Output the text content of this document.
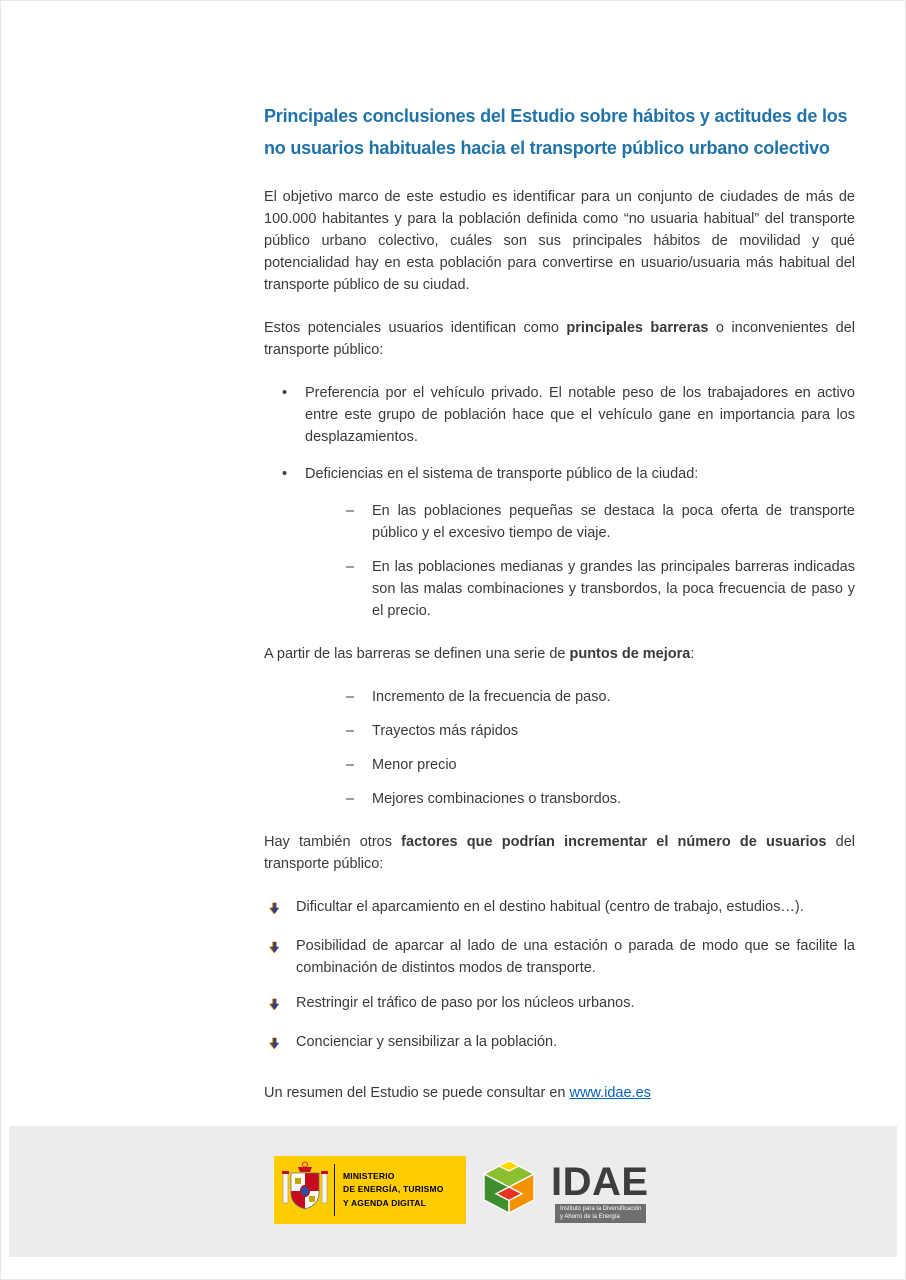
Principales conclusiones del Estudio sobre hábitos y actitudes de los no usuarios habituales hacia el transporte público urbano colectivo

El objetivo marco de este estudio es identificar para un conjunto de ciudades de más de 100.000 habitantes y para la población definida como “no usuaria habitual” del transporte público urbano colectivo, cuáles son sus principales hábitos de movilidad y qué potencialidad hay en esta población para convertirse en usuario/usuaria más habitual del transporte público de su ciudad.

Estos potenciales usuarios identifican como principales barreras o inconvenientes del transporte público:

•	Preferencia por el vehículo privado. El notable peso de los trabajadores en activo entre este grupo de población hace que el vehículo gane en importancia para los desplazamientos.
•	Deficiencias en el sistema de transporte público de la ciudad:
–	En las poblaciones pequeñas se destaca la poca oferta de transporte público y el excesivo tiempo de viaje.
–	En las poblaciones medianas y grandes las principales barreras indicadas son las malas combinaciones y transbordos, la poca frecuencia de paso y el precio.

A partir de las barreras se definen una serie de puntos de mejora:

–	Incremento de la frecuencia de paso.
–	Trayectos más rápidos
–	Menor precio
–	Mejores combinaciones o transbordos.

Hay también otros factores que podrían incrementar el número de usuarios del transporte público:

Dificultar el aparcamiento en el destino habitual (centro de trabajo, estudios…).
Posibilidad de aparcar al lado de una estación o parada de modo que se facilite la combinación de distintos modos de transporte.
Restringir el tráfico de paso por los núcleos urbanos.
Concienciar y sensibilizar a la población.

Un resumen del Estudio se puede consultar en www.idae.es

MINISTERIO
DE ENERGÍA, TURISMO
Y AGENDA DIGITAL	IDAE
Instituto para la Diversificación
y Ahorro de la Energía
